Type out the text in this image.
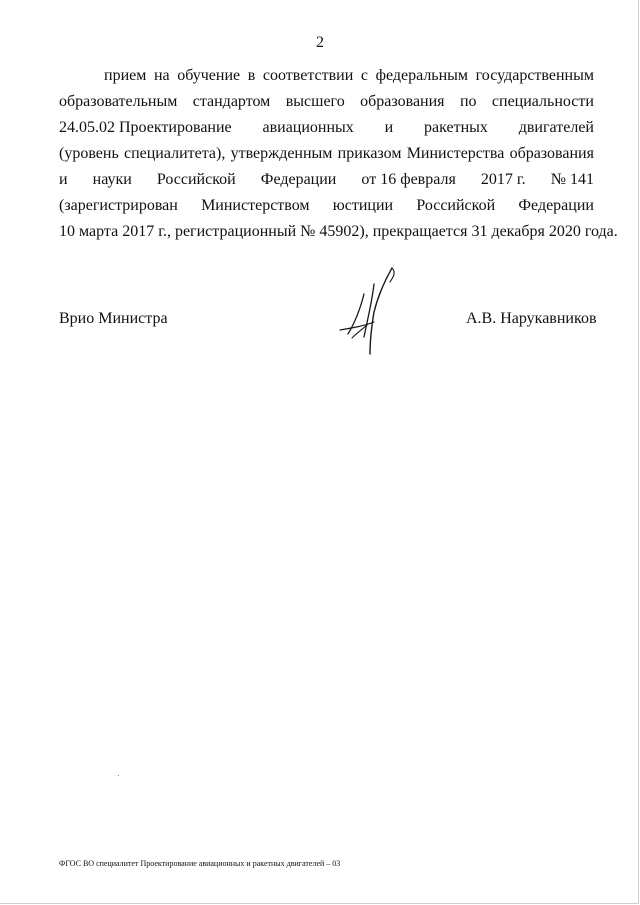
2
прием на обучение в соответствии с федеральным государственным
образовательным стандартом высшего образования по специальности
24.05.02 Проектирование авиационных и ракетных двигателей
(уровень специалитета), утвержденным приказом Министерства образования
и науки Российской Федерации от 16 февраля 2017 г. № 141
(зарегистрирован Министерством юстиции Российской Федерации
10 марта 2017 г., регистрационный № 45902), прекращается 31 декабря 2020 года.
Врио Министра	А.В. Нарукавников
ФГОС ВО специалитет Проектирование авиационных и ракетных двигателей – 03
